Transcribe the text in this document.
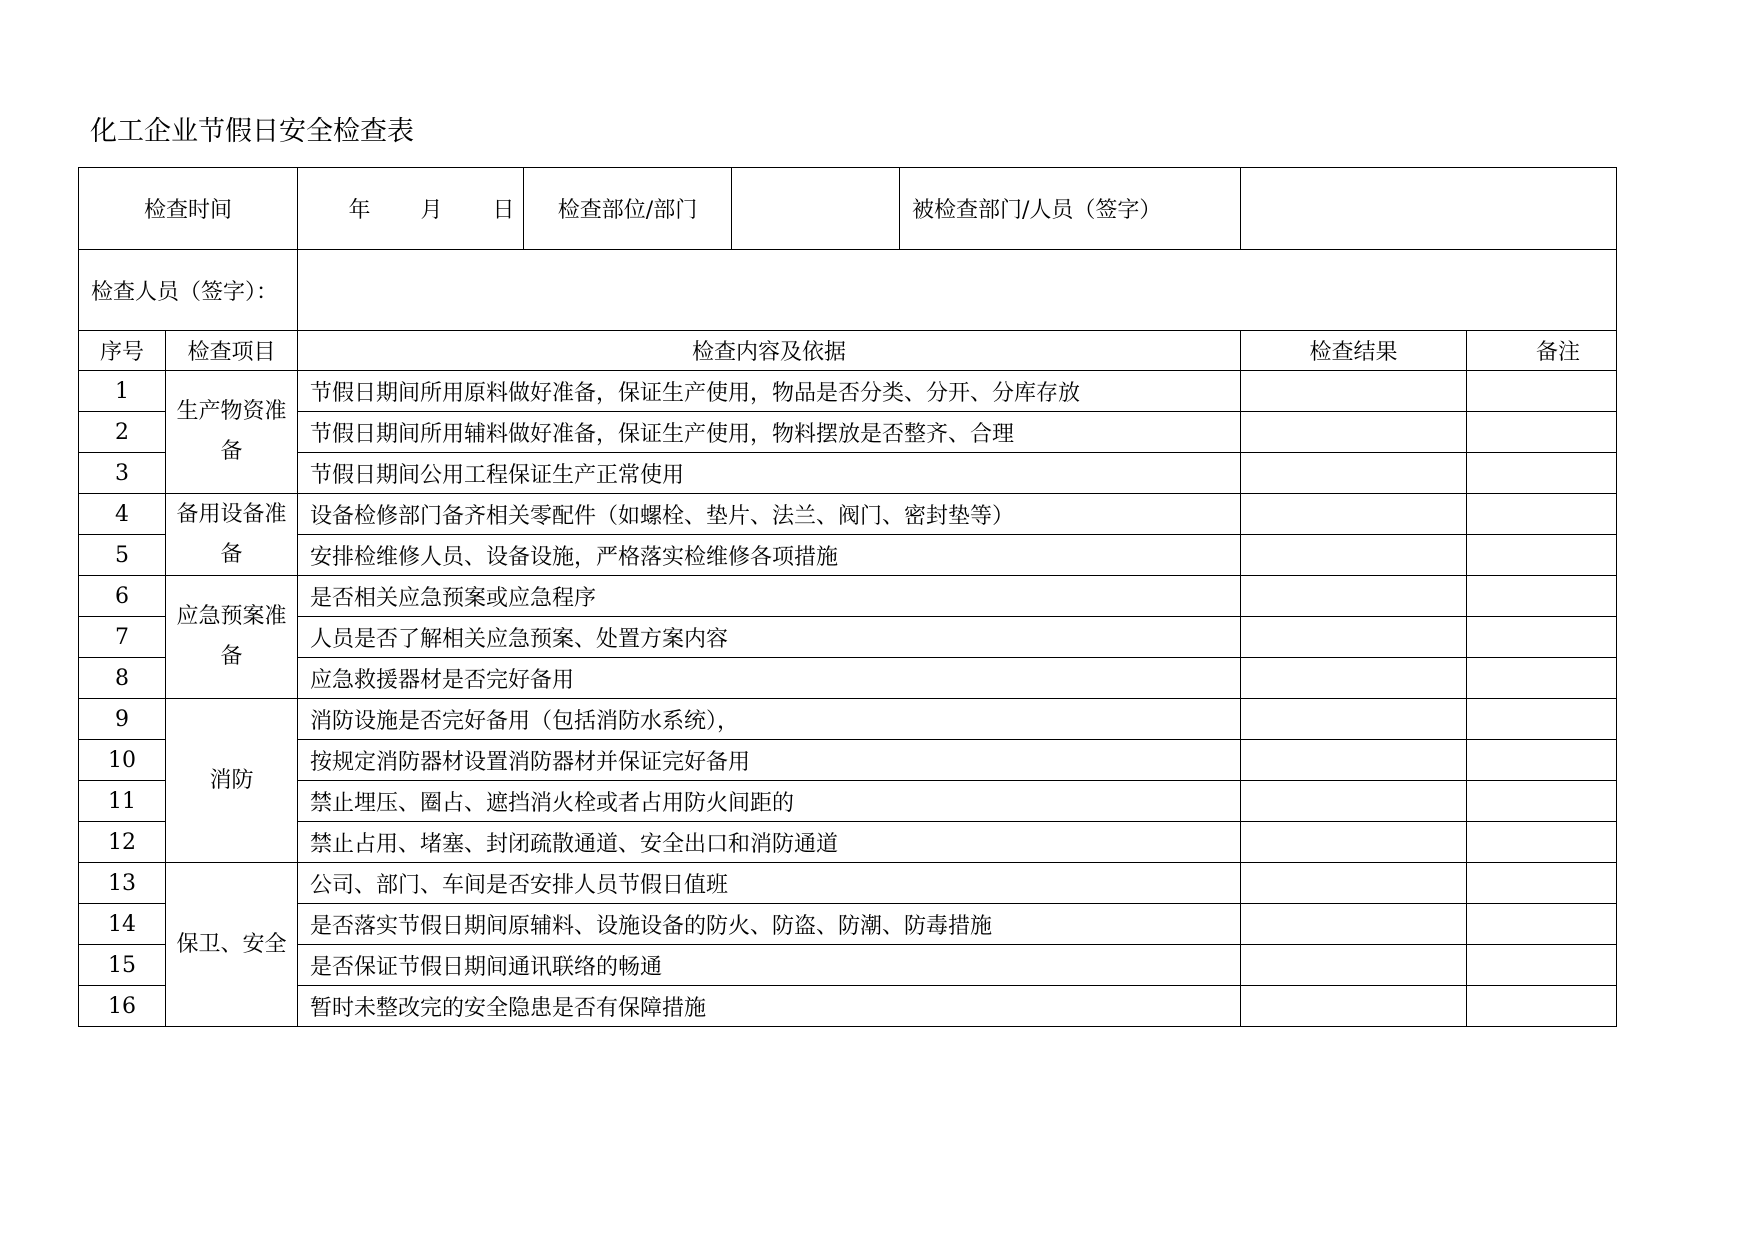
化工企业节假日安全检查表
检查时间		年 月 日	检查部位/部门		被检查部门/人员（签字）		
检查人员（签字）：							
序号	检查项目	检查内容及依据				检查结果	备注
1	生产物资准备	节假日期间所用原料做好准备，保证生产使用，物品是否分类、分开、分库存放					
2		节假日期间所用辅料做好准备，保证生产使用，物料摆放是否整齐、合理					
3		节假日期间公用工程保证生产正常使用					
4	备用设备准备	设备检修部门备齐相关零配件（如螺栓、垫片、法兰、阀门、密封垫等）					
5		安排检维修人员、设备设施，严格落实检维修各项措施					
6	应急预案准备	是否相关应急预案或应急程序					
7		人员是否了解相关应急预案、处置方案内容					
8		应急救援器材是否完好备用					
9	消防	消防设施是否完好备用（包括消防水系统），					
10		按规定消防器材设置消防器材并保证完好备用					
11		禁止埋压、圈占、遮挡消火栓或者占用防火间距的					
12		禁止占用、堵塞、封闭疏散通道、安全出口和消防通道					
13	保卫、安全	公司、部门、车间是否安排人员节假日值班					
14		是否落实节假日期间原辅料、设施设备的防火、防盗、防潮、防毒措施					
15		是否保证节假日期间通讯联络的畅通					
16		暂时未整改完的安全隐患是否有保障措施					
